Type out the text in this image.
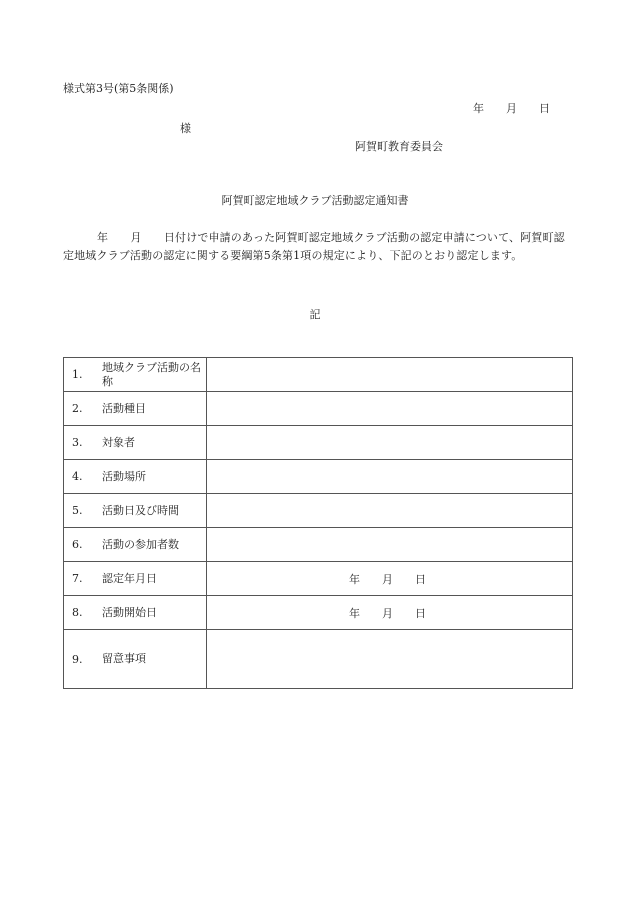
様式第3号(第5条関係)
年 月 日
様
阿賀町教育委員会
阿賀町認定地域クラブ活動認定通知書
年　　月　　日付けで申請のあった阿賀町認定地域クラブ活動の認定申請について、阿賀町認定地域クラブ活動の認定に関する要綱第5条第1項の規定により、下記のとおり認定します。
記
1.地域クラブ活動の名称	
2. 活動種目	
3. 対象者	
4. 活動場所	
5. 活動日及び時間	
6. 活動の参加者数	
7. 認定年月日	年 月 日

8. 活動開始日	年 月 日

9. 留意事項	
